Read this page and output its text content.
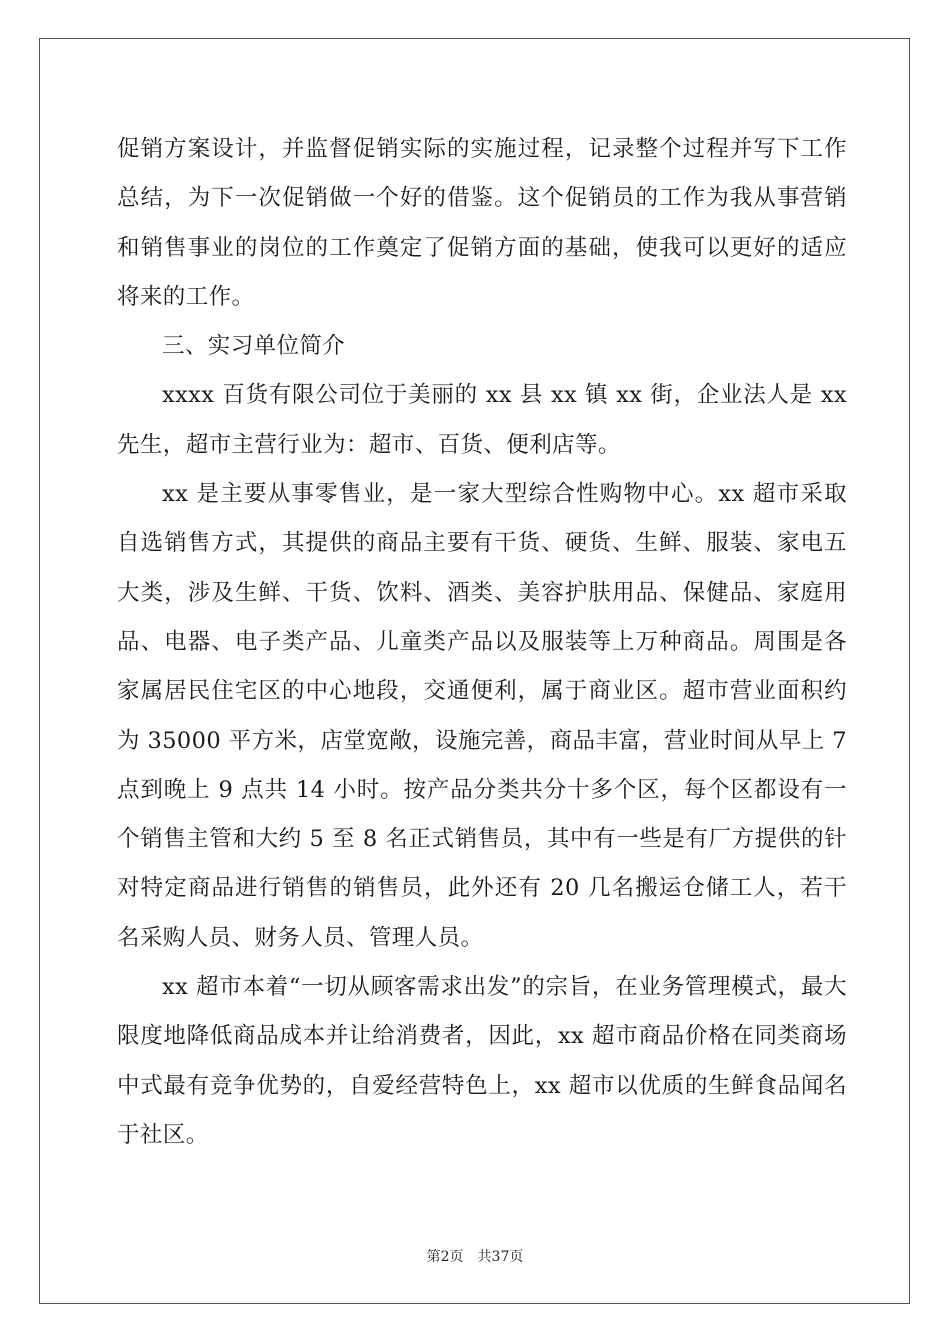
促销方案设计，并监督促销实际的实施过程，记录整个过程并写下工作总结，为下一次促销做一个好的借鉴。这个促销员的工作为我从事营销和销售事业的岗位的工作奠定了促销方面的基础，使我可以更好的适应将来的工作。

三、实习单位简介

xxxx 百货有限公司位于美丽的 xx 县 xx 镇 xx 街，企业法人是 xx 先生，超市主营行业为：超市、百货、便利店等。

xx 是主要从事零售业，是一家大型综合性购物中心。xx 超市采取自选销售方式，其提供的商品主要有干货、硬货、生鲜、服装、家电五大类，涉及生鲜、干货、饮料、酒类、美容护肤用品、保健品、家庭用品、电器、电子类产品、儿童类产品以及服装等上万种商品。周围是各家属居民住宅区的中心地段，交通便利，属于商业区。超市营业面积约为 35000 平方米，店堂宽敞，设施完善，商品丰富，营业时间从早上 7 点到晚上 9 点共 14 小时。按产品分类共分十多个区，每个区都设有一个销售主管和大约 5 至 8 名正式销售员，其中有一些是有厂方提供的针对特定商品进行销售的销售员，此外还有 20 几名搬运仓储工人，若干名采购人员、财务人员、管理人员。

xx 超市本着“一切从顾客需求出发”的宗旨，在业务管理模式，最大限度地降低商品成本并让给消费者，因此，xx 超市商品价格在同类商场中式最有竞争优势的，自爱经营特色上，xx 超市以优质的生鲜食品闻名于社区。

第2页 共37页
